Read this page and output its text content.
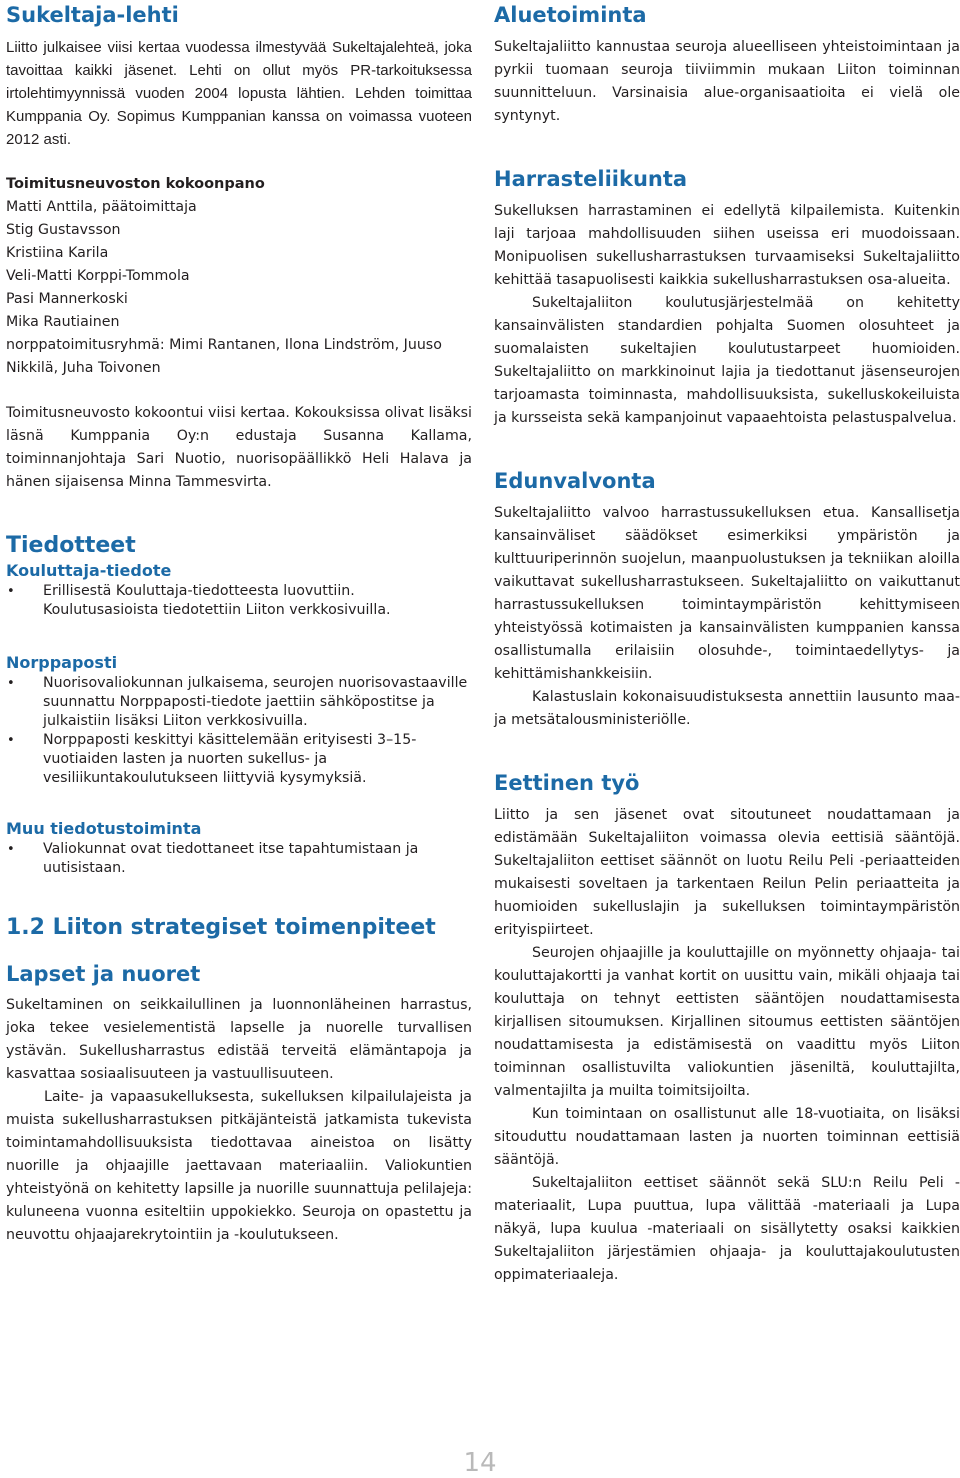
Sukeltaja-lehti

Liitto julkaisee viisi kertaa vuodessa ilmestyvää Sukeltajalehteä, joka tavoittaa kaikki jäsenet. Lehti on ollut myös PR-tarkoituksessa irtolehtimyynnissä vuoden 2004 lopusta lähtien. Lehden toimittaa Kumppania Oy. Sopimus Kumppanian kanssa on voimassa vuoteen 2012 asti.

Toimitusneuvoston kokoonpano
Matti Anttila, päätoimittaja
Stig Gustavsson
Kristiina Karila
Veli-Matti Korppi-Tommola
Pasi Mannerkoski
Mika Rautiainen
norppatoimitusryhmä: Mimi Rantanen, Ilona Lindström, Juuso Nikkilä, Juha Toivonen

Toimitusneuvosto kokoontui viisi kertaa. Kokouksissa olivat lisäksi läsnä Kumppania Oy:n edustaja Susanna Kallama, toiminnanjohtaja Sari Nuotio, nuorisopäällikkö Heli Halava ja hänen sijaisensa Minna Tammesvirta.

Tiedotteet
Kouluttaja-tiedote
• Erillisestä Kouluttaja-tiedotteesta luovuttiin. Koulutusasioista tiedotettiin Liiton verkkosivuilla.
Norppaposti
• Nuorisovaliokunnan julkaisema, seurojen nuorisovastaaville suunnattu Norppaposti-tiedote jaettiin sähköpostitse ja julkaistiin lisäksi Liiton verkkosivuilla.
• Norppaposti keskittyi käsittelemään erityisesti 3–15-vuotiaiden lasten ja nuorten sukellus- ja vesiliikuntakoulutukseen liittyviä kysymyksiä.
Muu tiedotustoiminta
• Valiokunnat ovat tiedottaneet itse tapahtumistaan ja uutisistaan.
1.2 Liiton strategiset toimenpiteet
Lapset ja nuoret

Sukeltaminen on seikkailullinen ja luonnonläheinen harrastus, joka tekee vesielementistä lapselle ja nuorelle turvallisen ystävän. Sukellusharrastus edistää terveitä elämäntapoja ja kasvattaa sosiaalisuuteen ja vastuullisuuteen.

Laite- ja vapaasukelluksesta, sukelluksen kilpailulajeista ja muista sukellusharrastuksen pitkäjänteistä jatkamista tukevista toimintamahdollisuuksista tiedottavaa aineistoa on lisätty nuorille ja ohjaajille jaettavaan materiaaliin. Valiokuntien yhteistyönä on kehitetty lapsille ja nuorille suunnattuja pelilajeja: kuluneena vuonna esiteltiin uppokiekko. Seuroja on opastettu ja neuvottu ohjaajarekrytointiin ja -koulutukseen.

Aluetoiminta

Sukeltajaliitto kannustaa seuroja alueelliseen yhteistoimintaan ja pyrkii tuomaan seuroja tiiviimmin mukaan Liiton toiminnan suunnitteluun. Varsinaisia alue-organisaatioita ei vielä ole syntynyt.

Harrasteliikunta

Sukelluksen harrastaminen ei edellytä kilpailemista. Kuitenkin laji tarjoaa mahdollisuuden siihen useissa eri muodoissaan. Monipuolisen sukellusharrastuksen turvaamiseksi Sukeltajaliitto kehittää tasapuolisesti kaikkia sukellusharrastuksen osa-alueita.

Sukeltajaliiton koulutusjärjestelmää on kehitetty kansainvälisten standardien pohjalta Suomen olosuhteet ja suomalaisten sukeltajien koulutustarpeet huomioiden. Sukeltajaliitto on markkinoinut lajia ja tiedottanut jäsenseurojen tarjoamasta toiminnasta, mahdollisuuksista, sukelluskokeiluista ja kursseista sekä kampanjoinut vapaaehtoista pelastuspalvelua.

Edunvalvonta

Sukeltajaliitto valvoo harrastussukelluksen etua. Kansallisetja kansainväliset säädökset esimerkiksi ympäristön ja kulttuuriperinnön suojelun, maanpuolustuksen ja tekniikan aloilla vaikuttavat sukellusharrastukseen. Sukeltajaliitto on vaikuttanut harrastussukelluksen toimintaympäristön kehittymiseen yhteistyössä kotimaisten ja kansainvälisten kumppanien kanssa osallistumalla erilaisiin olosuhde-, toimintaedellytys- ja kehittämishankkeisiin.

Kalastuslain kokonaisuudistuksesta annettiin lausunto maa- ja metsätalousministeriölle.

Eettinen työ

Liitto ja sen jäsenet ovat sitoutuneet noudattamaan ja edistämään Sukeltajaliiton voimassa olevia eettisiä sääntöjä. Sukeltajaliiton eettiset säännöt on luotu Reilu Peli -periaatteiden mukaisesti soveltaen ja tarkentaen Reilun Pelin periaatteita ja huomioiden sukelluslajin ja sukelluksen toimintaympäristön erityispiirteet.

Seurojen ohjaajille ja kouluttajille on myönnetty ohjaaja- tai kouluttajakortti ja vanhat kortit on uusittu vain, mikäli ohjaaja tai kouluttaja on tehnyt eettisten sääntöjen noudattamisesta kirjallisen sitoumuksen. Kirjallinen sitoumus eettisten sääntöjen noudattamisesta ja edistämisestä on vaadittu myös Liiton toiminnan osallistuvilta valiokuntien jäseniltä, kouluttajilta, valmentajilta ja muilta toimitsijoilta.

Kun toimintaan on osallistunut alle 18-vuotiaita, on lisäksi sitouduttu noudattamaan lasten ja nuorten toiminnan eettisiä sääntöjä.

Sukeltajaliiton eettiset säännöt sekä SLU:n Reilu Peli -materiaalit, Lupa puuttua, lupa välittää -materiaali ja Lupa näkyä, lupa kuulua -materiaali on sisällytetty osaksi kaikkien Sukeltajaliiton järjestämien ohjaaja- ja kouluttajakoulutusten oppimateriaaleja.

14
